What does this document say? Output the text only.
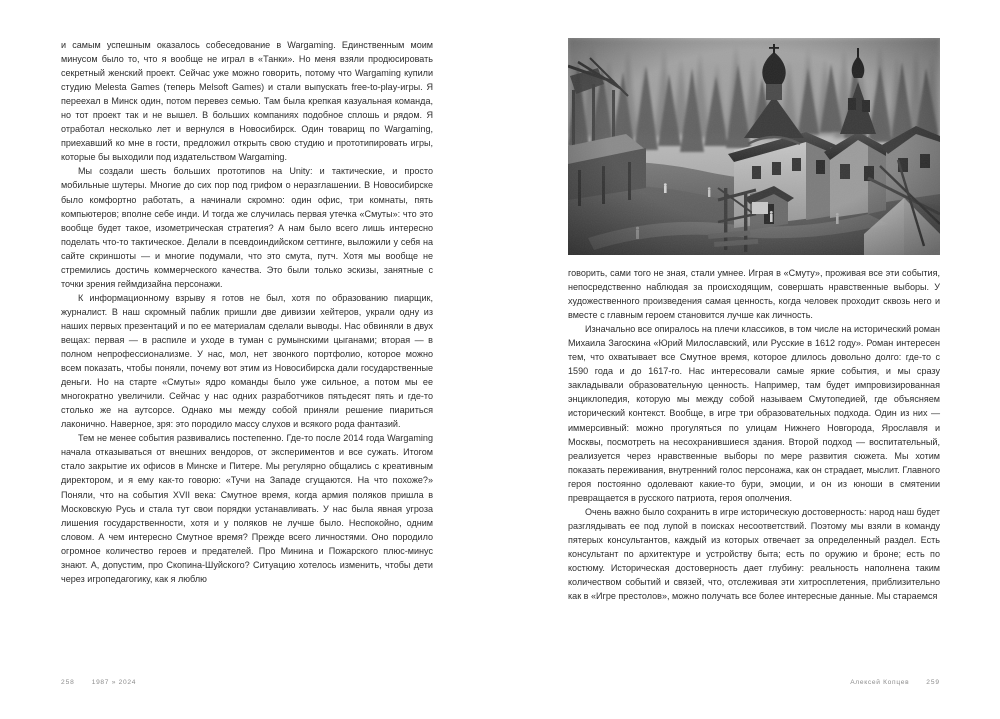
и самым успешным оказалось собеседование в Wargaming. Единственным моим минусом было то, что я вообще не играл в «Танки». Но меня взяли продюсировать секретный женский проект. Сейчас уже можно говорить, потому что Wargaming купили студию Melesta Games (теперь Melsoft Games) и стали выпускать free-to-play-игры. Я переехал в Минск один, потом перевез семью. Там была крепкая казуальная команда, но тот проект так и не вышел. В больших компаниях подобное сплошь и рядом. Я отработал несколько лет и вернулся в Новосибирск. Один товарищ по Wargaming, приехавший ко мне в гости, предложил открыть свою студию и прототипировать игры, которые бы выходили под издательством Wargaming.

Мы создали шесть больших прототипов на Unity: и тактические, и просто мобильные шутеры. Многие до сих пор под грифом о неразглашении. В Новосибирске было комфортно работать, а начинали скромно: один офис, три комнаты, пять компьютеров; вполне себе инди. И тогда же случилась первая утечка «Смуты»: что это вообще будет такое, изометрическая стратегия? А нам было всего лишь интересно поделать что-то тактическое. Делали в псевдоиндийском сеттинге, выложили у себя на сайте скриншоты — и многие подумали, что это смута, путч. Хотя мы вообще не стремились достичь коммерческого качества. Это были только эскизы, занятные с точки зрения геймдизайна персонажи.

К информационному взрыву я готов не был, хотя по образованию пиарщик, журналист. В наш скромный паблик пришли две дивизии хейтеров, украли одну из наших первых презентаций и по ее материалам сделали выводы. Нас обвиняли в двух вещах: первая — в распиле и уходе в туман с румынскими цыганами; вторая — в полном непрофессионализме. У нас, мол, нет звонкого портфолио, которое можно всем показать, чтобы поняли, почему вот этим из Новосибирска дали государственные деньги. Но на старте «Смуты» ядро команды было уже сильное, а потом мы ее многократно увеличили. Сейчас у нас одних разработчиков пятьдесят пять и где-то столько же на аутсорсе. Однако мы между собой приняли решение пиариться лаконично. Наверное, зря: это породило массу слухов и всякого рода фантазий.

Тем не менее события развивались постепенно. Где-то после 2014 года Wargaming начала отказываться от внешних вендоров, от экспериментов и все сужать. Итогом стало закрытие их офисов в Минске и Питере. Мы регулярно общались с креативным директором, и я ему как-то говорю: «Тучи на Западе сгущаются. На что похоже?» Поняли, что на события XVII века: Смутное время, когда армия поляков пришла в Московскую Русь и стала тут свои порядки устанавливать. У нас была явная угроза лишения государственности, хотя и у поляков не лучше было. Неспокойно, одним словом. А чем интересно Смутное время? Прежде всего личностями. Оно породило огромное количество героев и предателей. Про Минина и Пожарского плюс-минус знают. А, допустим, про Скопина-Шуйского? Ситуацию хотелось изменить, чтобы дети через игропедагогику, как я люблю

говорить, сами того не зная, стали умнее. Играя в «Смуту», проживая все эти события, непосредственно наблюдая за происходящим, совершать нравственные выборы. У художественного произведения самая ценность, когда человек проходит сквозь него и вместе с главным героем становится лучше как личность.

Изначально все опиралось на плечи классиков, в том числе на исторический роман Михаила Загоскина «Юрий Милославский, или Русские в 1612 году». Роман интересен тем, что охватывает все Смутное время, которое длилось довольно долго: где-то с 1590 года и до 1617-го. Нас интересовали самые яркие события, и мы сразу закладывали образовательную ценность. Например, там будет импровизированная энциклопедия, которую мы между собой называем Смутопедией, где объясняем исторический контекст. Вообще, в игре три образовательных подхода. Один из них — иммерсивный: можно прогуляться по улицам Нижнего Новгорода, Ярославля и Москвы, посмотреть на несохранившиеся здания. Второй подход — воспитательный, реализуется через нравственные выборы по мере развития сюжета. Мы хотим показать переживания, внутренний голос персонажа, как он страдает, мыслит. Главного героя постоянно одолевают какие-то бури, эмоции, и он из юноши в смятении превращается в русского патриота, героя ополчения.

Очень важно было сохранить в игре историческую достоверность: народ наш будет разглядывать ее под лупой в поисках несоответствий. Поэтому мы взяли в команду пятерых консультантов, каждый из которых отвечает за определенный раздел. Есть консультант по архитектуре и устройству быта; есть по оружию и броне; есть по костюму. Историческая достоверность дает глубину: реальность наполнена таким количеством событий и связей, что, отслеживая эти хитросплетения, приблизительно как в «Игре престолов», можно получать все более интересные данные. Мы стараемся

258	1987 » 2024	Алексей Копцев	259
